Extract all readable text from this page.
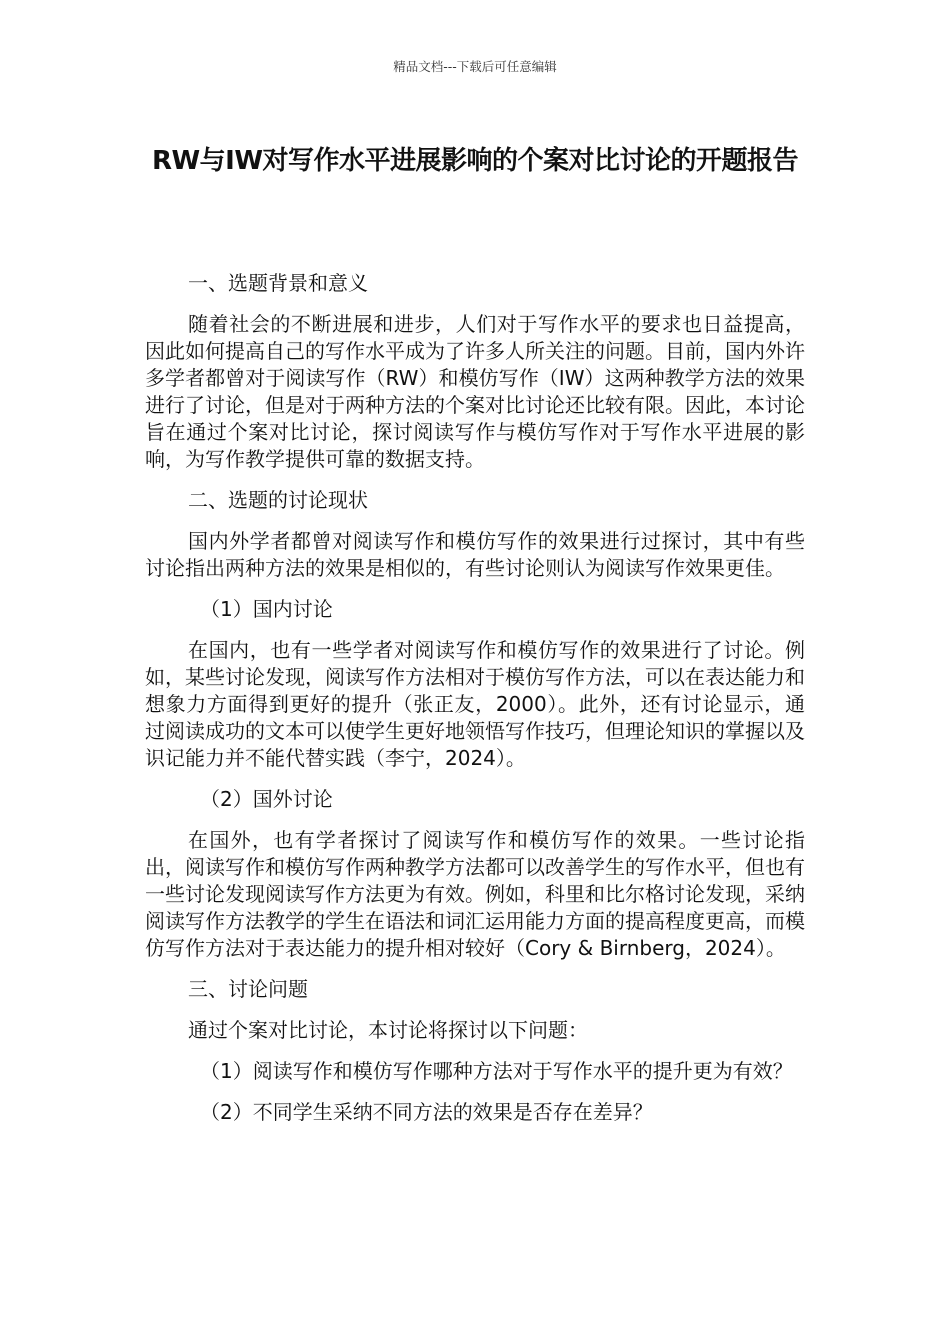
精品文档---下载后可任意编辑
RW与IW对写作水平进展影响的个案对比讨论的开题报告

一、选题背景和意义

随着社会的不断进展和进步，人们对于写作水平的要求也日益提高，因此如何提高自己的写作水平成为了许多人所关注的问题。目前，国内外许多学者都曾对于阅读写作（RW）和模仿写作（IW）这两种教学方法的效果进行了讨论，但是对于两种方法的个案对比讨论还比较有限。因此，本讨论旨在通过个案对比讨论，探讨阅读写作与模仿写作对于写作水平进展的影响，为写作教学提供可靠的数据支持。

二、选题的讨论现状

国内外学者都曾对阅读写作和模仿写作的效果进行过探讨，其中有些讨论指出两种方法的效果是相似的，有些讨论则认为阅读写作效果更佳。

（1）国内讨论

在国内，也有一些学者对阅读写作和模仿写作的效果进行了讨论。例如，某些讨论发现，阅读写作方法相对于模仿写作方法，可以在表达能力和想象力方面得到更好的提升（张正友，2000）。此外，还有讨论显示，通过阅读成功的文本可以使学生更好地领悟写作技巧，但理论知识的掌握以及识记能力并不能代替实践（李宁，2024）。

（2）国外讨论

在国外，也有学者探讨了阅读写作和模仿写作的效果。一些讨论指出，阅读写作和模仿写作两种教学方法都可以改善学生的写作水平，但也有一些讨论发现阅读写作方法更为有效。例如，科里和比尔格讨论发现，采纳阅读写作方法教学的学生在语法和词汇运用能力方面的提高程度更高，而模仿写作方法对于表达能力的提升相对较好（Cory & Birnberg，2024）。

三、讨论问题

通过个案对比讨论，本讨论将探讨以下问题：

（1）阅读写作和模仿写作哪种方法对于写作水平的提升更为有效？

（2）不同学生采纳不同方法的效果是否存在差异？
